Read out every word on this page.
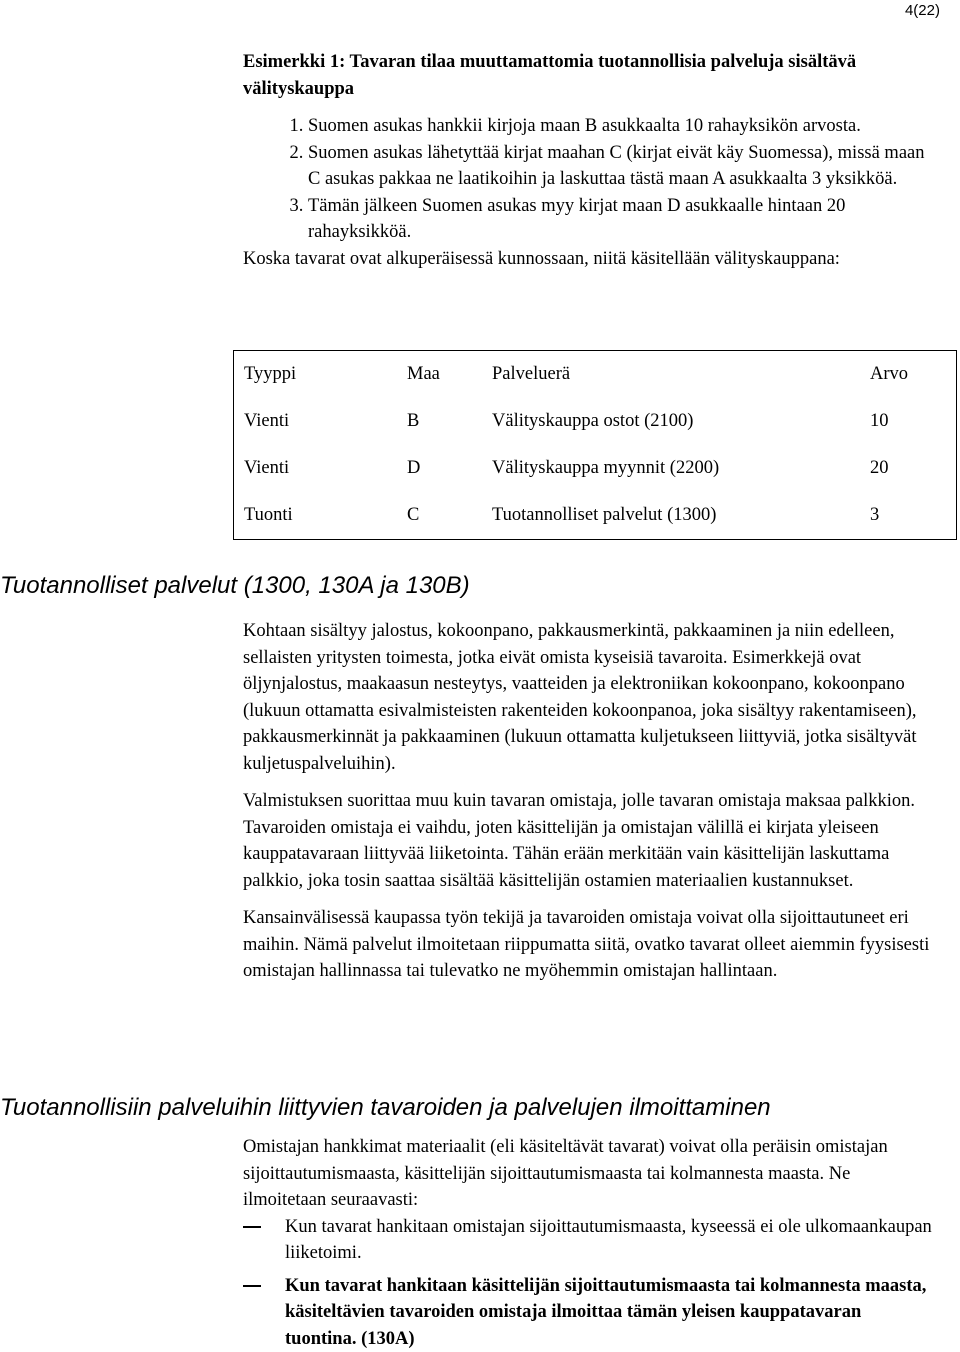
4(22)

Esimerkki 1: Tavaran tilaa muuttamattomia tuotannollisia palveluja sisältävä välityskauppa

1. Suomen asukas hankkii kirjoja maan B asukkaalta 10 rahayksikön arvosta.
2. Suomen asukas lähetyttää kirjat maahan C (kirjat eivät käy Suomessa), missä maan C asukas pakkaa ne laatikoihin ja laskuttaa tästä maan A asukkaalta 3 yksikköä.
3. Tämän jälkeen Suomen asukas myy kirjat maan D asukkaalle hintaan 20 rahayksikköä.

Koska tavarat ovat alkuperäisessä kunnossaan, niitä käsitellään välityskauppana:

Tyyppi	Maa	Palveluerä	Arvo
Vienti	B	Välityskauppa ostot (2100)	10
Vienti	D	Välityskauppa myynnit (2200)	20
Tuonti	C	Tuotannolliset palvelut (1300)	3
Tuotannolliset palvelut (1300, 130A ja 130B)

Kohtaan sisältyy jalostus, kokoonpano, pakkausmerkintä, pakkaaminen ja niin edelleen, sellaisten yritysten toimesta, jotka eivät omista kyseisiä tavaroita. Esimerkkejä ovat öljynjalostus, maakaasun nesteytys, vaatteiden ja elektroniikan kokoonpano, kokoonpano (lukuun ottamatta esivalmisteisten rakenteiden kokoonpanoa, joka sisältyy rakentamiseen), pakkausmerkinnät ja pakkaaminen (lukuun ottamatta kuljetukseen liittyviä, jotka sisältyvät kuljetuspalveluihin).

Valmistuksen suorittaa muu kuin tavaran omistaja, jolle tavaran omistaja maksaa palkkion. Tavaroiden omistaja ei vaihdu, joten käsittelijän ja omistajan välillä ei kirjata yleiseen kauppatavaraan liittyvää liiketointa. Tähän erään merkitään vain käsittelijän laskuttama palkkio, joka tosin saattaa sisältää käsittelijän ostamien materiaalien kustannukset.

Kansainvälisessä kaupassa työn tekijä ja tavaroiden omistaja voivat olla sijoittautuneet eri maihin. Nämä palvelut ilmoitetaan riippumatta siitä, ovatko tavarat olleet aiemmin fyysisesti omistajan hallinnassa tai tulevatko ne myöhemmin omistajan hallintaan.

Tuotannollisiin palveluihin liittyvien tavaroiden ja palvelujen ilmoittaminen

Omistajan hankkimat materiaalit (eli käsiteltävät tavarat) voivat olla peräisin omistajan sijoittautumismaasta, käsittelijän sijoittautumismaasta tai kolmannesta maasta. Ne ilmoitetaan seuraavasti:

Kun tavarat hankitaan omistajan sijoittautumismaasta, kyseessä ei ole ulkomaankaupan liiketoimi.
Kun tavarat hankitaan käsittelijän sijoittautumismaasta tai kolmannesta maasta, käsiteltävien tavaroiden omistaja ilmoittaa tämän yleisen kauppatavaran tuontina. (130A)
